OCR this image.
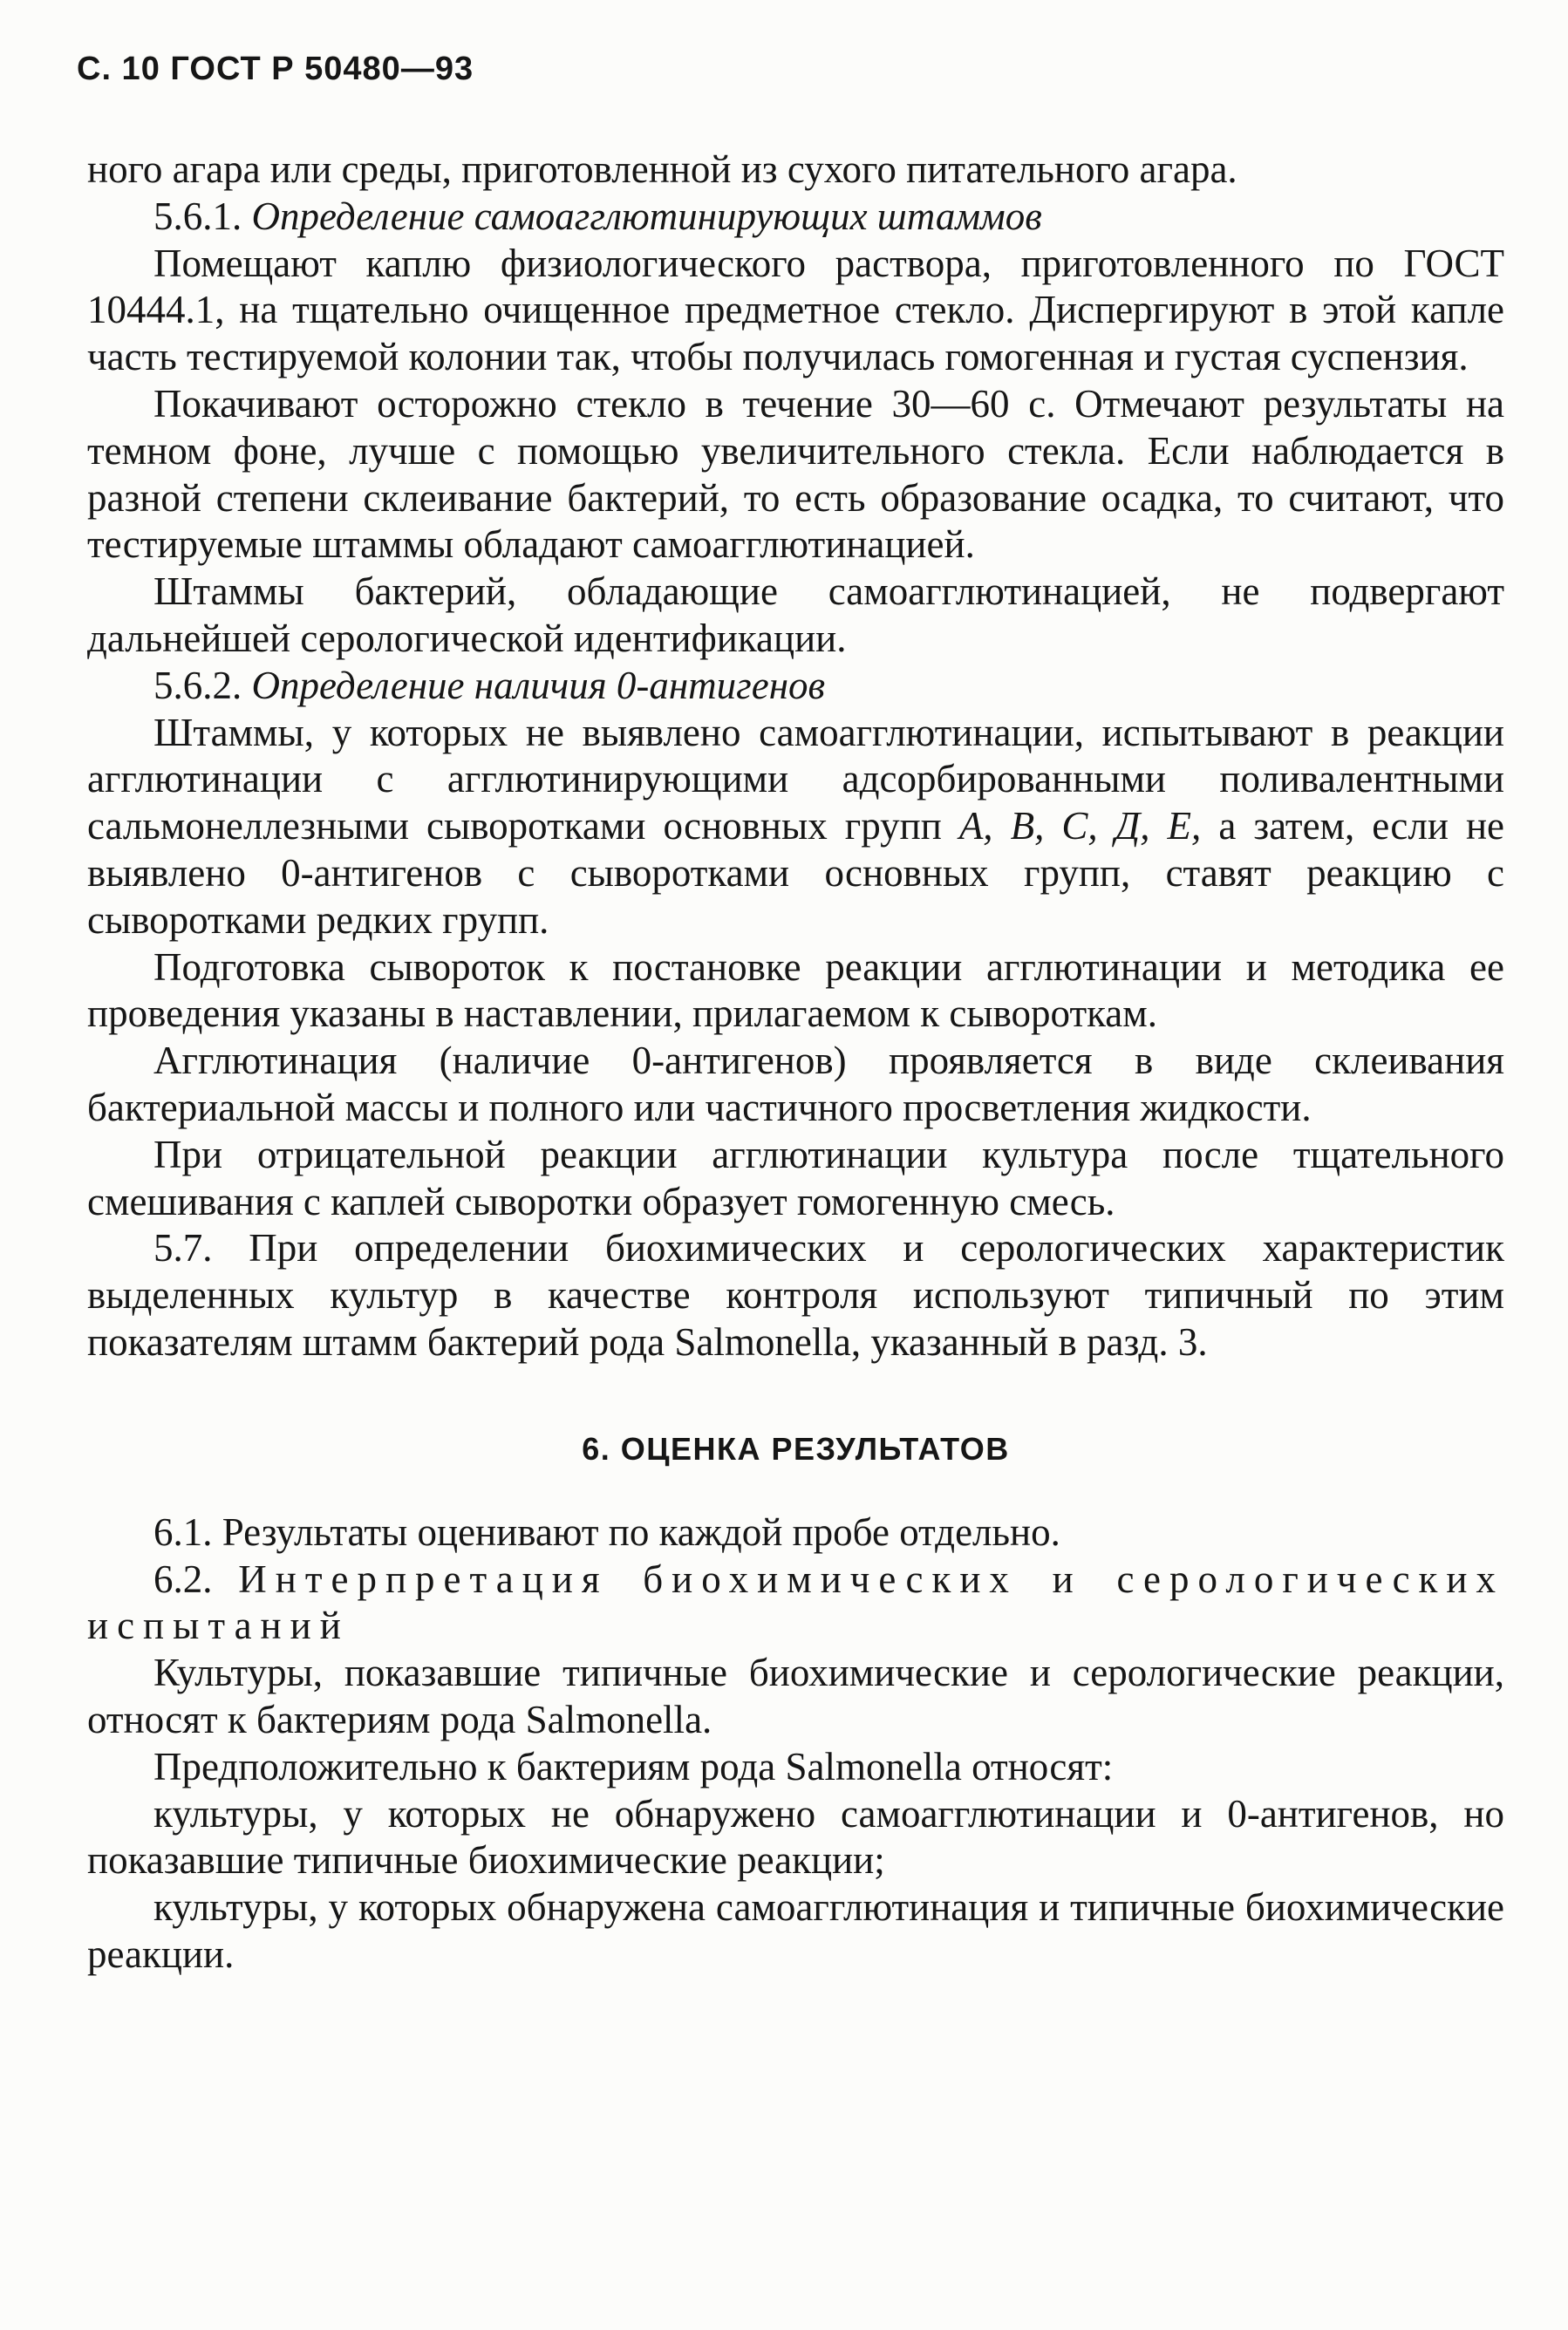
С. 10 ГОСТ Р 50480—93

ного агара или среды, приготовленной из сухого питательного агара.

5.6.1. Определение самоагглютинирующих штаммов

Помещают каплю физиологического раствора, приготовленного по ГОСТ 10444.1, на тщательно очищенное предметное стекло. Диспергируют в этой капле часть тестируемой колонии так, чтобы получилась гомогенная и густая суспензия.

Покачивают осторожно стекло в течение 30—60 с. Отмечают результаты на темном фоне, лучше с помощью увеличительного стекла. Если наблюдается в разной степени склеивание бактерий, то есть образование осадка, то считают, что тестируемые штаммы обладают самоагглютинацией.

Штаммы бактерий, обладающие самоагглютинацией, не подвергают дальнейшей серологической идентификации.

5.6.2. Определение наличия 0-антигенов

Штаммы, у которых не выявлено самоагглютинации, испытывают в реакции агглютинации с агглютинирующими адсорбированными поливалентными сальмонеллезными сыворотками основных групп А, В, С, Д, Е, а затем, если не выявлено 0-антигенов с сыворотками основных групп, ставят реакцию с сыворотками редких групп.

Подготовка сывороток к постановке реакции агглютинации и методика ее проведения указаны в наставлении, прилагаемом к сывороткам.

Агглютинация (наличие 0-антигенов) проявляется в виде склеивания бактериальной массы и полного или частичного просветления жидкости.

При отрицательной реакции агглютинации культура после тщательного смешивания с каплей сыворотки образует гомогенную смесь.

5.7. При определении биохимических и серологических характеристик выделенных культур в качестве контроля используют типичный по этим показателям штамм бактерий рода Salmonella, указанный в разд. 3.

6. ОЦЕНКА РЕЗУЛЬТАТОВ

6.1. Результаты оценивают по каждой пробе отдельно.

6.2. Интерпретация биохимических и серологических испытаний

Культуры, показавшие типичные биохимические и серологические реакции, относят к бактериям рода Salmonella.

Предположительно к бактериям рода Salmonella относят:

культуры, у которых не обнаружено самоагглютинации и 0-антигенов, но показавшие типичные биохимические реакции;

культуры, у которых обнаружена самоагглютинация и типичные биохимические реакции.
